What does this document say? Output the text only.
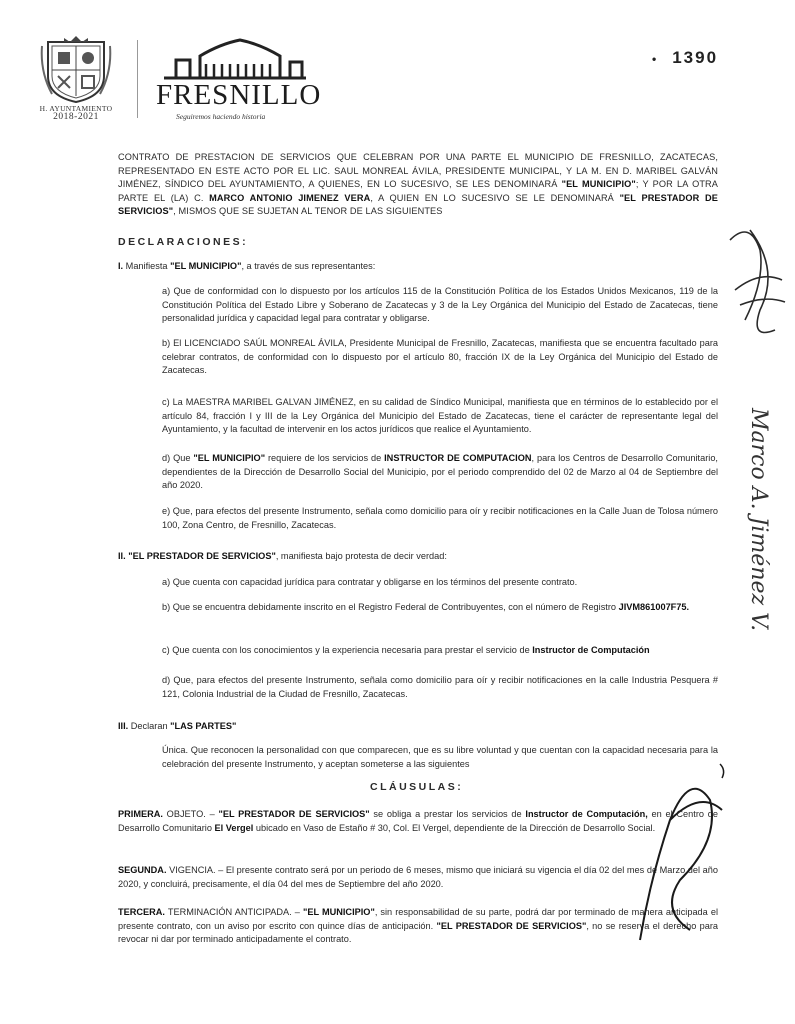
H. AYUNTAMIENTO
2018-2021
FRESNILLO
Seguiremos haciendo historia
• 1390
CONTRATO DE PRESTACION DE SERVICIOS QUE CELEBRAN POR UNA PARTE EL MUNICIPIO DE FRESNILLO, ZACATECAS, REPRESENTADO EN ESTE ACTO POR EL LIC. SAUL MONREAL ÁVILA, PRESIDENTE MUNICIPAL, Y LA M. EN D. MARIBEL GALVÁN JIMÉNEZ, SÍNDICO DEL AYUNTAMIENTO, A QUIENES, EN LO SUCESIVO, SE LES DENOMINARÁ "EL MUNICIPIO"; Y POR LA OTRA PARTE EL (LA) C. MARCO ANTONIO JIMENEZ VERA, A QUIEN EN LO SUCESIVO SE LE DENOMINARÁ "EL PRESTADOR DE SERVICIOS", MISMOS QUE SE SUJETAN AL TENOR DE LAS SIGUIENTES
DECLARACIONES:
I. Manifiesta "EL MUNICIPIO", a través de sus representantes:
a) Que de conformidad con lo dispuesto por los artículos 115 de la Constitución Política de los Estados Unidos Mexicanos, 119 de la Constitución Política del Estado Libre y Soberano de Zacatecas y 3 de la Ley Orgánica del Municipio del Estado de Zacatecas, tiene personalidad jurídica y capacidad legal para contratar y obligarse.
b) El LICENCIADO SAÚL MONREAL ÁVILA, Presidente Municipal de Fresnillo, Zacatecas, manifiesta que se encuentra facultado para celebrar contratos, de conformidad con lo dispuesto por el artículo 80, fracción IX de la Ley Orgánica del Municipio del Estado de Zacatecas.
c) La MAESTRA MARIBEL GALVAN JIMÉNEZ, en su calidad de Síndico Municipal, manifiesta que en términos de lo establecido por el artículo 84, fracción I y III de la Ley Orgánica del Municipio del Estado de Zacatecas, tiene el carácter de representante legal del Ayuntamiento, y la facultad de intervenir en los actos jurídicos que realice el Ayuntamiento.
d) Que "EL MUNICIPIO" requiere de los servicios de INSTRUCTOR DE COMPUTACION, para los Centros de Desarrollo Comunitario, dependientes de la Dirección de Desarrollo Social del Municipio, por el periodo comprendido del 02 de Marzo al 04 de Septiembre del año 2020.
e) Que, para efectos del presente Instrumento, señala como domicilio para oír y recibir notificaciones en la Calle Juan de Tolosa número 100, Zona Centro, de Fresnillo, Zacatecas.
II. "EL PRESTADOR DE SERVICIOS", manifiesta bajo protesta de decir verdad:
a) Que cuenta con capacidad jurídica para contratar y obligarse en los términos del presente contrato.
b) Que se encuentra debidamente inscrito en el Registro Federal de Contribuyentes, con el número de Registro JIVM861007F75.
c) Que cuenta con los conocimientos y la experiencia necesaria para prestar el servicio de Instructor de Computación
d) Que, para efectos del presente Instrumento, señala como domicilio para oír y recibir notificaciones en la calle Industria Pesquera # 121, Colonia Industrial de la Ciudad de Fresnillo, Zacatecas.
III. Declaran "LAS PARTES"
Única. Que reconocen la personalidad con que comparecen, que es su libre voluntad y que cuentan con la capacidad necesaria para la celebración del presente Instrumento, y aceptan someterse a las siguientes
CLÁUSULAS:
PRIMERA. OBJETO. – "EL PRESTADOR DE SERVICIOS" se obliga a prestar los servicios de Instructor de Computación, en el Centro de Desarrollo Comunitario El Vergel ubicado en Vaso de Estaño # 30, Col. El Vergel, dependiente de la Dirección de Desarrollo Social.
SEGUNDA. VIGENCIA. – El presente contrato será por un periodo de 6 meses, mismo que iniciará su vigencia el día 02 del mes de Marzo del año 2020, y concluirá, precisamente, el día 04 del mes de Septiembre del año 2020.
TERCERA. TERMINACIÓN ANTICIPADA. – "EL MUNICIPIO", sin responsabilidad de su parte, podrá dar por terminado de manera anticipada el presente contrato, con un aviso por escrito con quince días de anticipación. "EL PRESTADOR DE SERVICIOS", no se reserva el derecho para revocar ni dar por terminado anticipadamente el contrato.
Marco A. Jiménez V.
